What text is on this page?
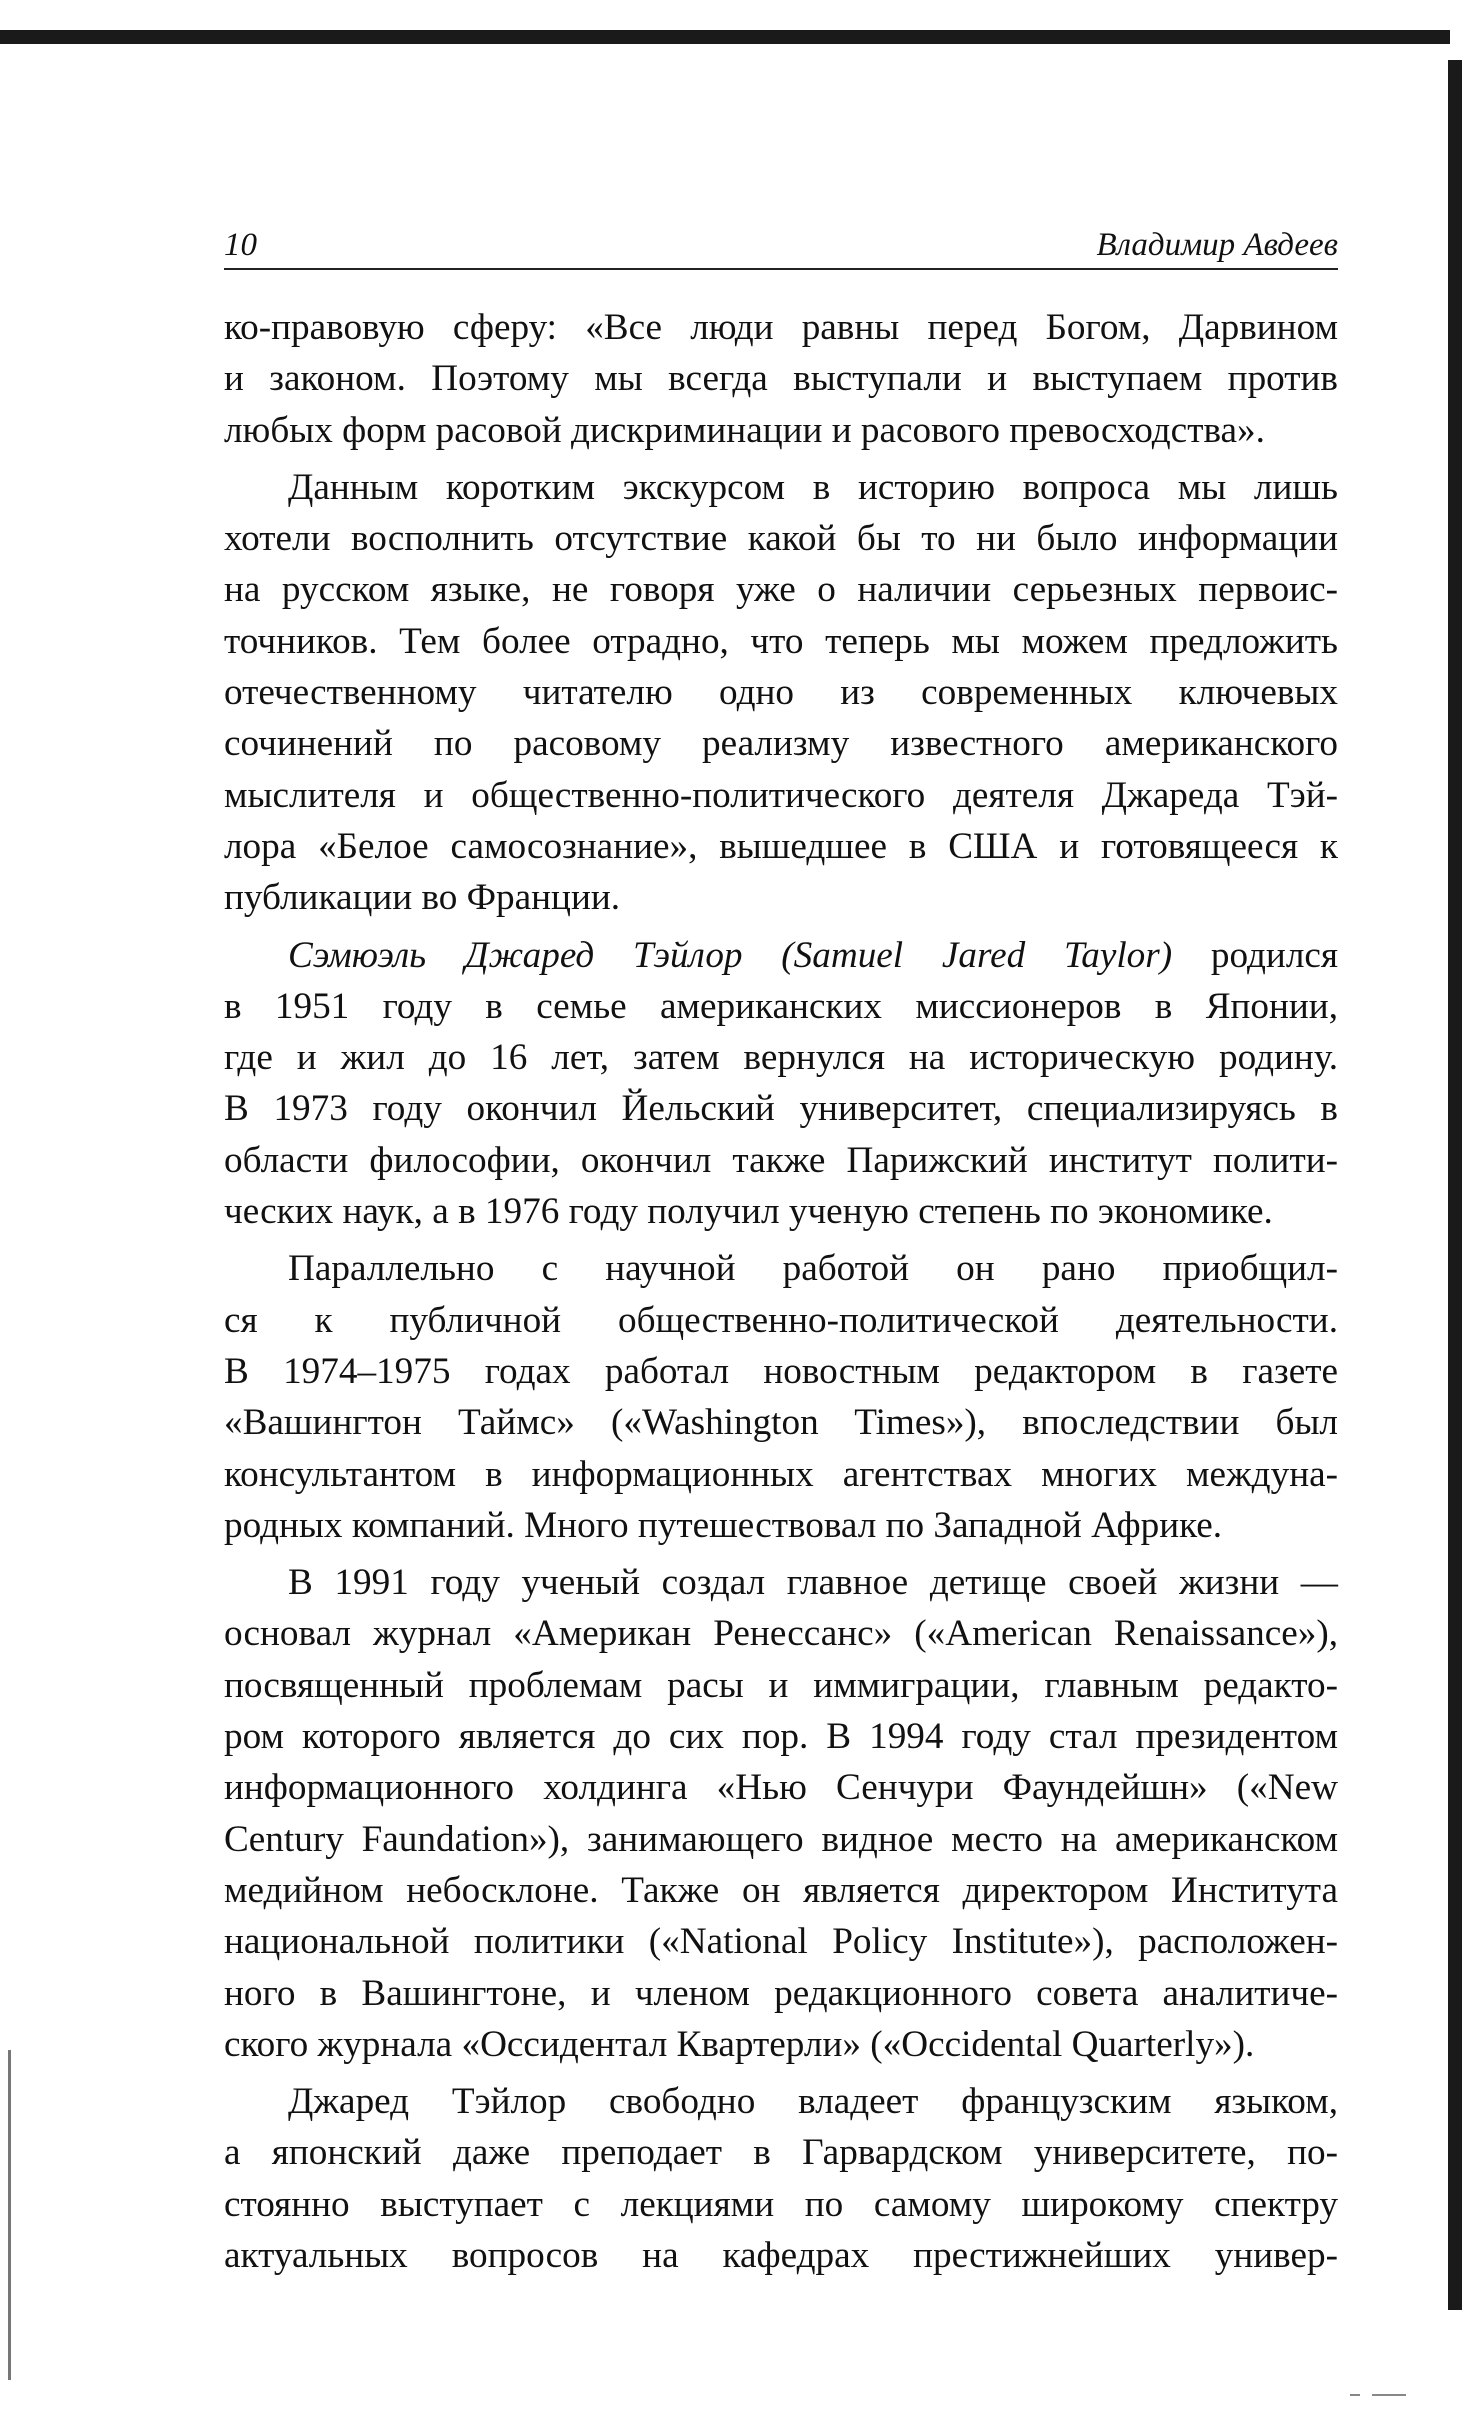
10	Владимир Авдеев

ко-правовую сферу: «Все люди равны перед Богом, Дарвином

и законом. Поэтому мы всегда выступали и выступаем против

любых форм расовой дискриминации и расового превосходства».

Данным коротким экскурсом в историю вопроса мы лишь

хотели восполнить отсутствие какой бы то ни было информации

на русском языке, не говоря уже о наличии серьезных первоис-

точников. Тем более отрадно, что теперь мы можем предложить

отечественному читателю одно из современных ключевых

сочинений по расовому реализму известного американского

мыслителя и общественно-политического деятеля Джареда Тэй-

лора «Белое самосознание», вышедшее в США и готовящееся к

публикации во Франции.

Сэмюэль Джаред Тэйлор (Samuel Jared Taylor) родился

в 1951 году в семье американских миссионеров в Японии,

где и жил до 16 лет, затем вернулся на историческую родину.

В 1973 году окончил Йельский университет, специализируясь в

области философии, окончил также Парижский институт полити-

ческих наук, а в 1976 году получил ученую степень по экономике.

Параллельно с научной работой он рано приобщил-

ся к публичной общественно-политической деятельности.

В 1974–1975 годах работал новостным редактором в газете

«Вашингтон Таймс» («Washington Times»), впоследствии был

консультантом в информационных агентствах многих междуна-

родных компаний. Много путешествовал по Западной Африке.

В 1991 году ученый создал главное детище своей жизни —

основал журнал «Американ Ренессанс» («American Renaissance»),

посвященный проблемам расы и иммиграции, главным редакто-

ром которого является до сих пор. В 1994 году стал президентом

информационного холдинга «Нью Сенчури Фаундейшн» («New

Century Faundation»), занимающего видное место на американском

медийном небосклоне. Также он является директором Института

национальной политики («National Policy Institute»), расположен-

ного в Вашингтоне, и членом редакционного совета аналитиче-

ского журнала «Оссидентал Квартерли» («Occidental Quarterly»).

Джаред Тэйлор свободно владеет французским языком,

а японский даже преподает в Гарвардском университете, по-

стоянно выступает с лекциями по самому широкому спектру

актуальных вопросов на кафедрах престижнейших универ-
